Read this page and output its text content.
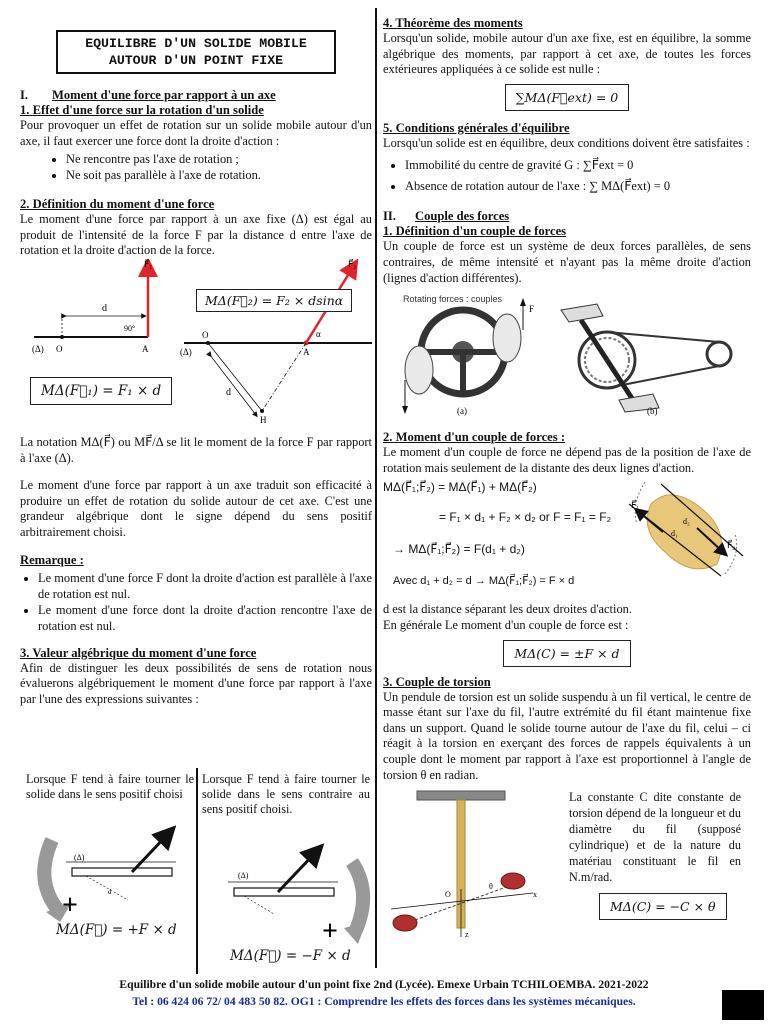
EQUILIBRE D'UN SOLIDE MOBILE
AUTOUR D'UN POINT FIXE

I. Moment d'une force par rapport à un axe

1. Effet d'une force sur la rotation d'un solide

Pour provoquer un effet de rotation sur un solide mobile autour d'un axe, il faut exercer une force dont la droite d'action :

• Ne rencontre pas l'axe de rotation ;
• Ne soit pas parallèle à l'axe de rotation.

2. Définition du moment d'une force

Le moment d'une force par rapport à un axe fixe (Δ) est égal au produit de l'intensité de la force F par la distance d entre l'axe de rotation et la droite d'action de la force.

(Δ) O
d
F⃗₁
90°
A	(Δ)
O
A
F⃗₂
α
d
H
MΔ(F⃗₂) = F₂ × dsinα
MΔ(F⃗₁) = F₁ × d

La notation MΔ(F⃗) ou MF⃗/Δ se lit le moment de la force F par rapport à l'axe (Δ).

Le moment d'une force par rapport à un axe traduit son efficacité à produire un effet de rotation du solide autour de cet axe. C'est une grandeur algébrique dont le signe dépend du sens positif arbitrairement choisi.

Remarque :

• Le moment d'une force F dont la droite d'action est parallèle à l'axe de rotation est nul.
• Le moment d'une force dont la droite d'action rencontre l'axe de rotation est nul.

3. Valeur algébrique du moment d'une force

Afin de distinguer les deux possibilités de sens de rotation nous évaluerons algébriquement le moment d'une force par rapport à l'axe par l'une des expressions suivantes :

Lorsque F tend à faire tourner le solide dans le sens positif choisi
Lorsque F tend à faire tourner le solide dans le sens contraire au sens positif choisi.
(Δ)
d
+
(Δ)
+
MΔ(F⃗) = +F × d
MΔ(F⃗) = −F × d

4. Théorème des moments

Lorsqu'un solide, mobile autour d'un axe fixe, est en équilibre, la somme algébrique des moments, par rapport à cet axe, de toutes les forces extérieures appliquées à ce solide est nulle :

∑MΔ(F⃗ext) = 0

5. Conditions générales d'équilibre

Lorsqu'un solide est en équilibre, deux conditions doivent être satisfaites :

• Immobilité du centre de gravité G : ∑F⃗ext = 0
• Absence de rotation autour de l'axe : ∑ MΔ(F⃗ext) = 0

II. Couple des forces

1. Définition d'un couple de forces

Un couple de force est un système de deux forces parallèles, de sens contraires, de même intensité et n'ayant pas la même droite d'action (lignes d'action différentes).

Rotating forces : couples
F
(a)	(b)

2. Moment d'un couple de forces :

Le moment d'un couple de force ne dépend pas de la position de l'axe de rotation mais seulement de la distante des deux lignes d'action.

MΔ(F⃗₁;F⃗₂) = MΔ(F⃗₁) + MΔ(F⃗₂)
= F₁ × d₁ + F₂ × d₂ or F = F₁ = F₂
→ MΔ(F⃗₁;F⃗₂) = F(d₁ + d₂)
Avec d₁ + d₂ = d → MΔ(F⃗₁;F⃗₂) = F × d
F⃗₁
F⃗₂
d₁
d₂

d est la distance séparant les deux droites d'action.

En générale Le moment d'un couple de force est :

MΔ(C) = ±F × d

3. Couple de torsion

Un pendule de torsion est un solide suspendu à un fil vertical, le centre de masse étant sur l'axe du fil, l'autre extrémité du fil étant maintenue fixe dans un support. Quand le solide tourne autour de l'axe du fil, celui – ci réagit à la torsion en exerçant des forces de rappels équivalents à un couple dont le moment par rapport à l'axe est proportionnel à l'angle de torsion θ en radian.

x
z
O
θ
La constante C dite constante de torsion dépend de la longueur et du diamètre du fil (supposé cylindrique) et de la nature du matériau constituant le fil en N.m/rad.
MΔ(C) = −C × θ
Equilibre d'un solide mobile autour d'un point fixe 2nd (Lycée). Emexe Urbain TCHILOEMBA. 2021-2022
Tel : 06 424 06 72/ 04 483 50 82. OG1 : Comprendre les effets des forces dans les systèmes mécaniques.
